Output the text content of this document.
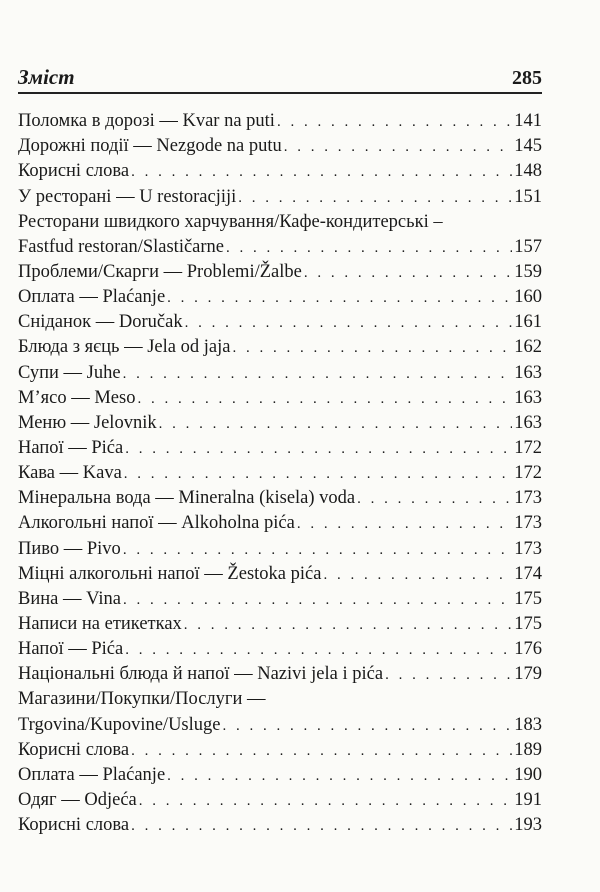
Зміст	285
Поломка в дорозі — Kvar na puti . . .	141
Дорожні події — Nezgode na putu . . .	145
Корисні слова . . .	148
У ресторані — U restoracjiji . . .	151
Ресторани швидкого харчування/Кафе-кондитерські –
Fastfud restoran/Slastičarne . . .	157
Проблеми/Скарги — Problemi/Žalbe . . .	159
Оплата — Plaćanje . . .	160
Сніданок — Doručak . . .	161
Блюда з яєць — Jela od jaja . . .	162
Супи — Juhe . . .	163
М’ясо — Meso . . .	163
Меню — Jelovnik . . .	163
Напої — Pića . . .	172
Кава — Kava . . .	172
Мінеральна вода — Mineralna (kisela) voda . . .	173
Алкогольні напої — Alkoholna pića . . .	173
Пиво — Pivo . . .	173
Міцні алкогольні напої — Žestoka pića . . .	174
Вина — Vina . . .	175
Написи на етикетках . . .	175
Напої — Pića . . .	176
Національні блюда й напої — Nazivi jela i pića . . .	179
Магазини/Покупки/Послуги —
Trgovina/Kupovine/Usluge . . .	183
Корисні слова . . .	189
Оплата — Plaćanje . . .	190
Одяг — Odjeća . . .	191
Корисні слова . . .	193
